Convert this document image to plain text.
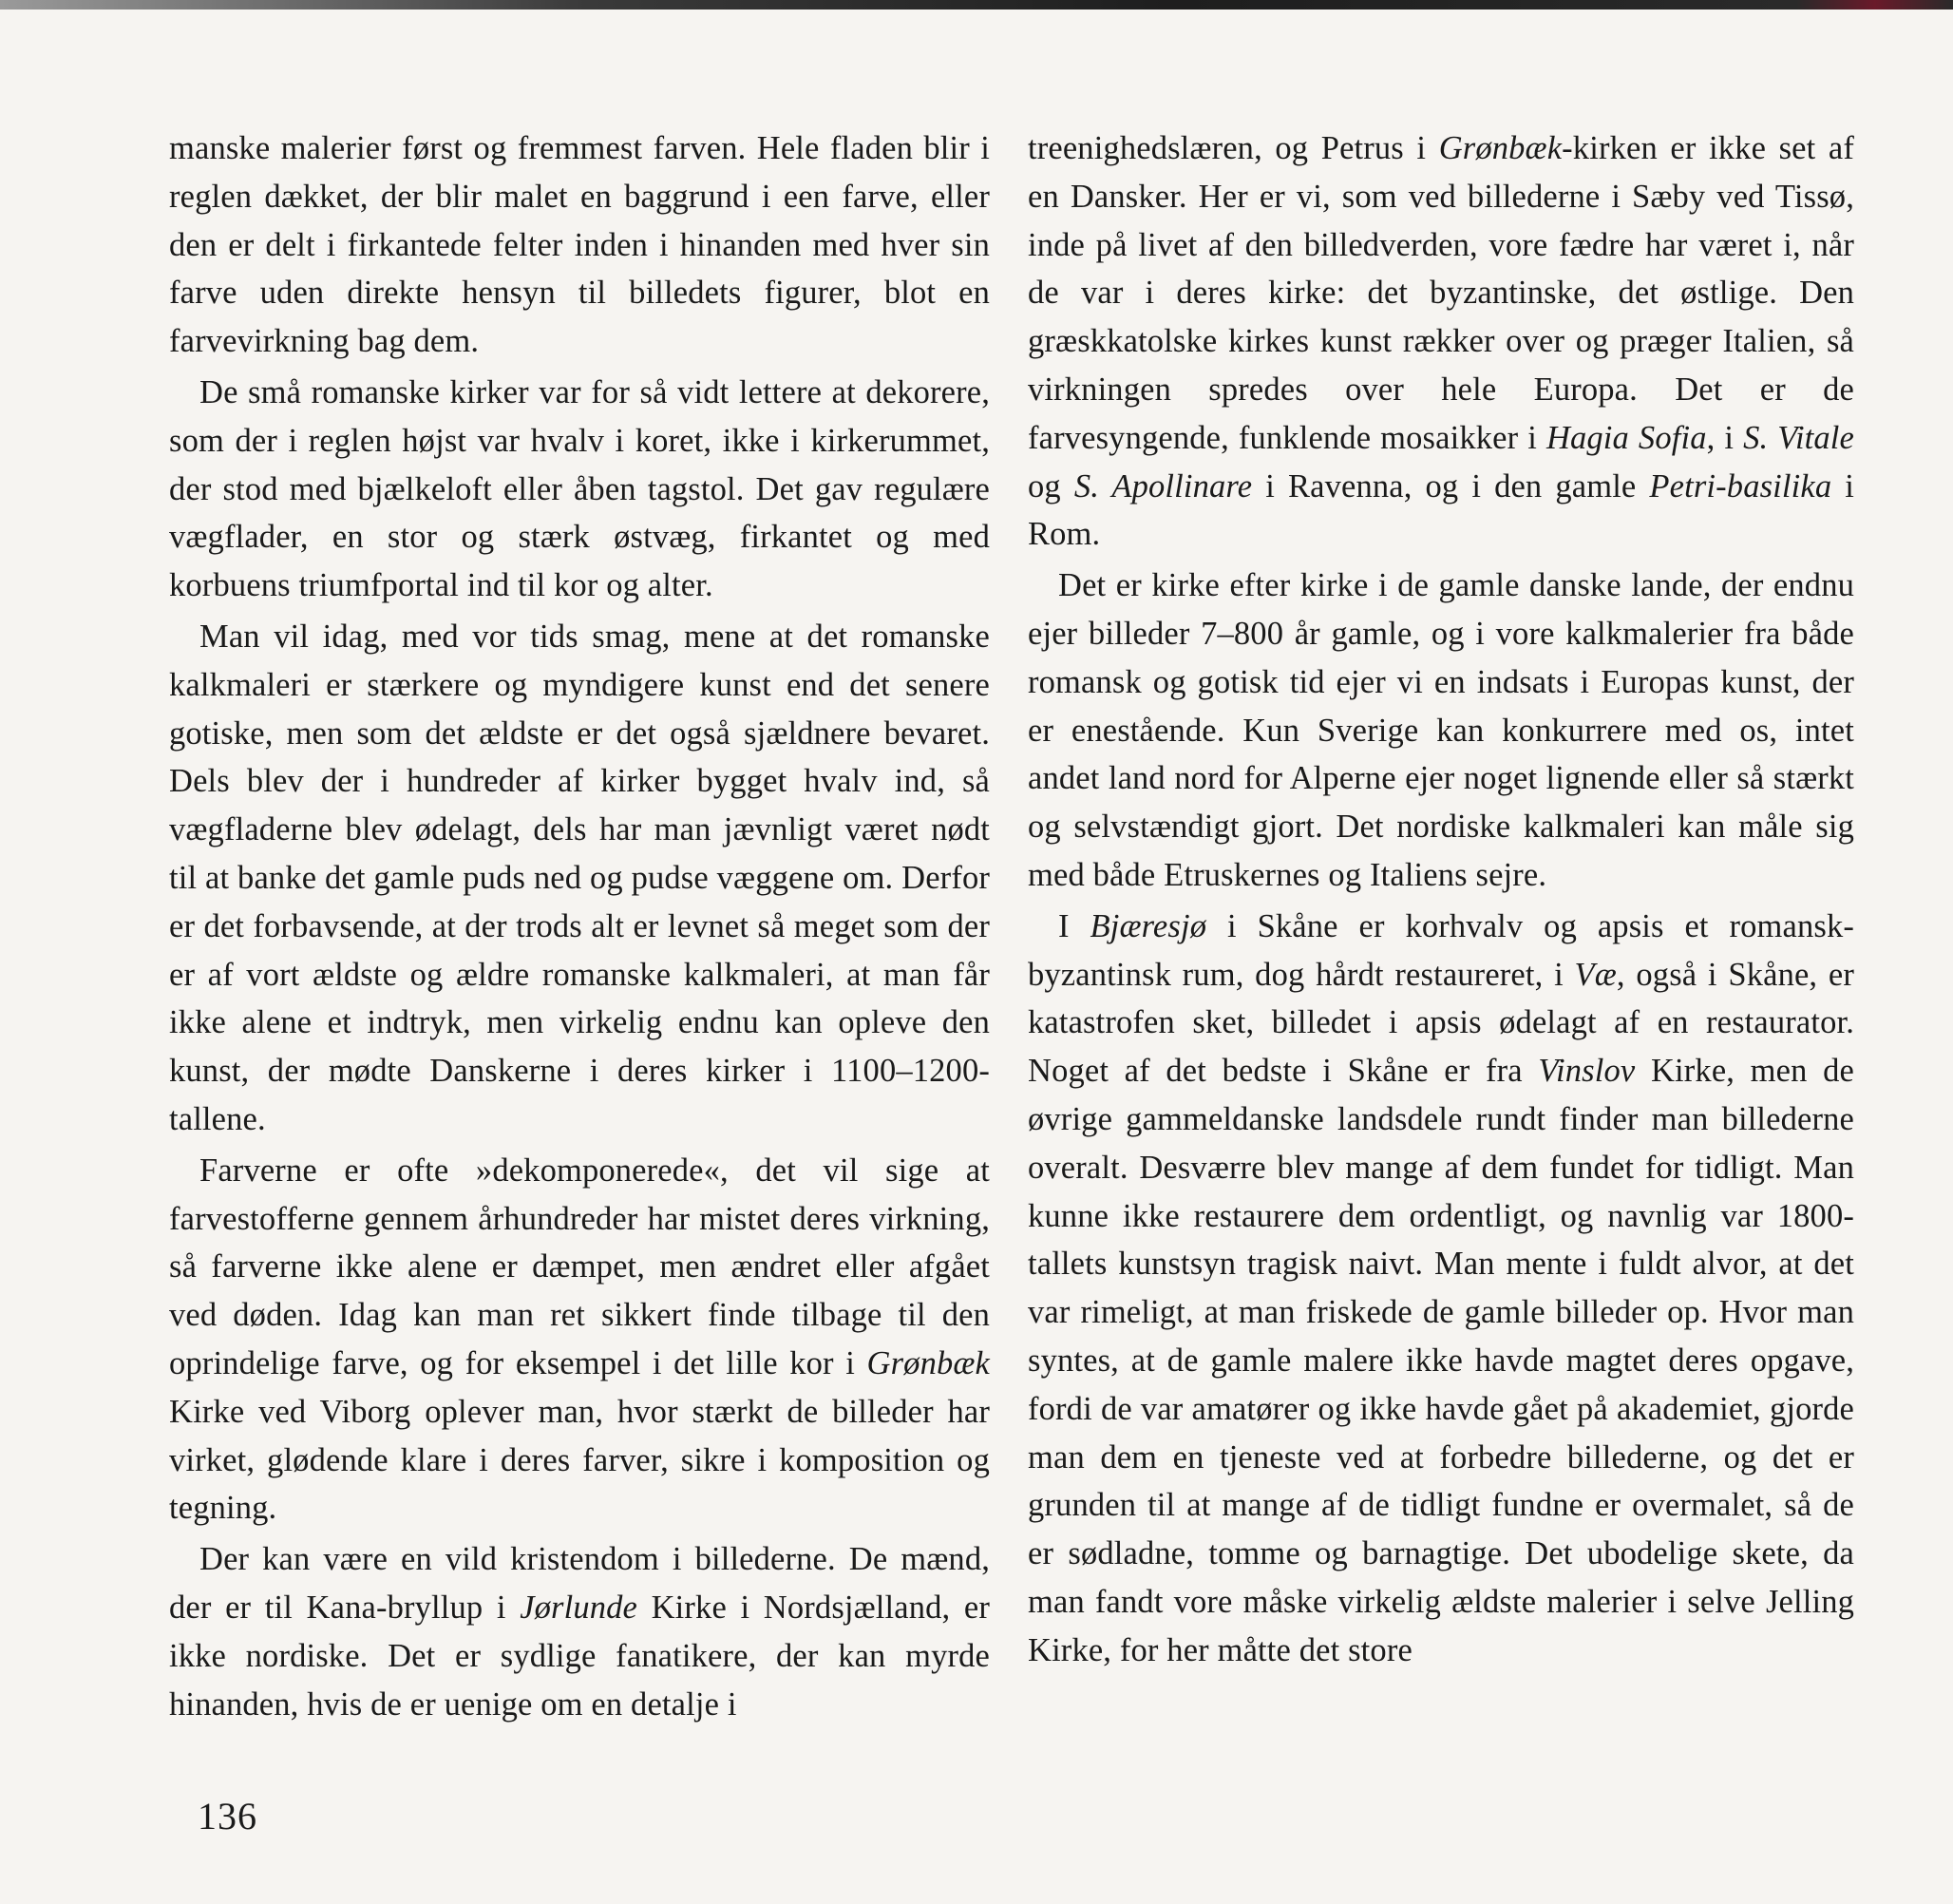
manske malerier først og fremmest farven. Hele fladen blir i reglen dækket, der blir malet en baggrund i een farve, eller den er delt i firkantede felter inden i hinanden med hver sin farve uden direkte hensyn til billedets figurer, blot en farvevirkning bag dem.

De små romanske kirker var for så vidt lettere at dekorere, som der i reglen højst var hvalv i koret, ikke i kirkerummet, der stod med bjælkeloft eller åben tagstol. Det gav regulære vægflader, en stor og stærk østvæg, firkantet og med korbuens triumfportal ind til kor og alter.

Man vil idag, med vor tids smag, mene at det romanske kalkmaleri er stærkere og myndigere kunst end det senere gotiske, men som det ældste er det også sjældnere bevaret. Dels blev der i hundreder af kirker bygget hvalv ind, så vægfladerne blev ødelagt, dels har man jævnligt været nødt til at banke det gamle puds ned og pudse væggene om. Derfor er det forbavsende, at der trods alt er levnet så meget som der er af vort ældste og ældre romanske kalkmaleri, at man får ikke alene et indtryk, men virkelig endnu kan opleve den kunst, der mødte Danskerne i deres kirker i 1100–1200-tallene.

Farverne er ofte »dekomponerede«, det vil sige at farvestofferne gennem århundreder har mistet deres virkning, så farverne ikke alene er dæmpet, men ændret eller afgået ved døden. Idag kan man ret sikkert finde tilbage til den oprindelige farve, og for eksempel i det lille kor i Grønbæk Kirke ved Viborg oplever man, hvor stærkt de billeder har virket, glødende klare i deres farver, sikre i komposition og tegning.

Der kan være en vild kristendom i billederne. De mænd, der er til Kana-bryllup i Jørlunde Kirke i Nordsjælland, er ikke nordiske. Det er sydlige fanatikere, der kan myrde hinanden, hvis de er uenige om en detalje i

treenighedslæren, og Petrus i Grønbæk-kirken er ikke set af en Dansker. Her er vi, som ved billederne i Sæby ved Tissø, inde på livet af den billedverden, vore fædre har været i, når de var i deres kirke: det byzantinske, det østlige. Den græskkatolske kirkes kunst rækker over og præger Italien, så virkningen spredes over hele Europa. Det er de farvesyngende, funklende mosaikker i Hagia Sofia, i S. Vitale og S. Apollinare i Ravenna, og i den gamle Petri-basilika i Rom.

Det er kirke efter kirke i de gamle danske lande, der endnu ejer billeder 7–800 år gamle, og i vore kalkmalerier fra både romansk og gotisk tid ejer vi en indsats i Europas kunst, der er enestående. Kun Sverige kan konkurrere med os, intet andet land nord for Alperne ejer noget lignende eller så stærkt og selvstændigt gjort. Det nordiske kalkmaleri kan måle sig med både Etruskernes og Italiens sejre.

I Bjæresjø i Skåne er korhvalv og apsis et romansk-byzantinsk rum, dog hårdt restaureret, i Væ, også i Skåne, er katastrofen sket, billedet i apsis ødelagt af en restaurator. Noget af det bedste i Skåne er fra Vinslov Kirke, men de øvrige gammeldanske landsdele rundt finder man billederne overalt. Desværre blev mange af dem fundet for tidligt. Man kunne ikke restaurere dem ordentligt, og navnlig var 1800-tallets kunstsyn tragisk naivt. Man mente i fuldt alvor, at det var rimeligt, at man friskede de gamle billeder op. Hvor man syntes, at de gamle malere ikke havde magtet deres opgave, fordi de var amatører og ikke havde gået på akademiet, gjorde man dem en tjeneste ved at forbedre billederne, og det er grunden til at mange af de tidligt fundne er overmalet, så de er sødladne, tomme og barnagtige. Det ubodelige skete, da man fandt vore måske virkelig ældste malerier i selve Jelling Kirke, for her måtte det store

136
